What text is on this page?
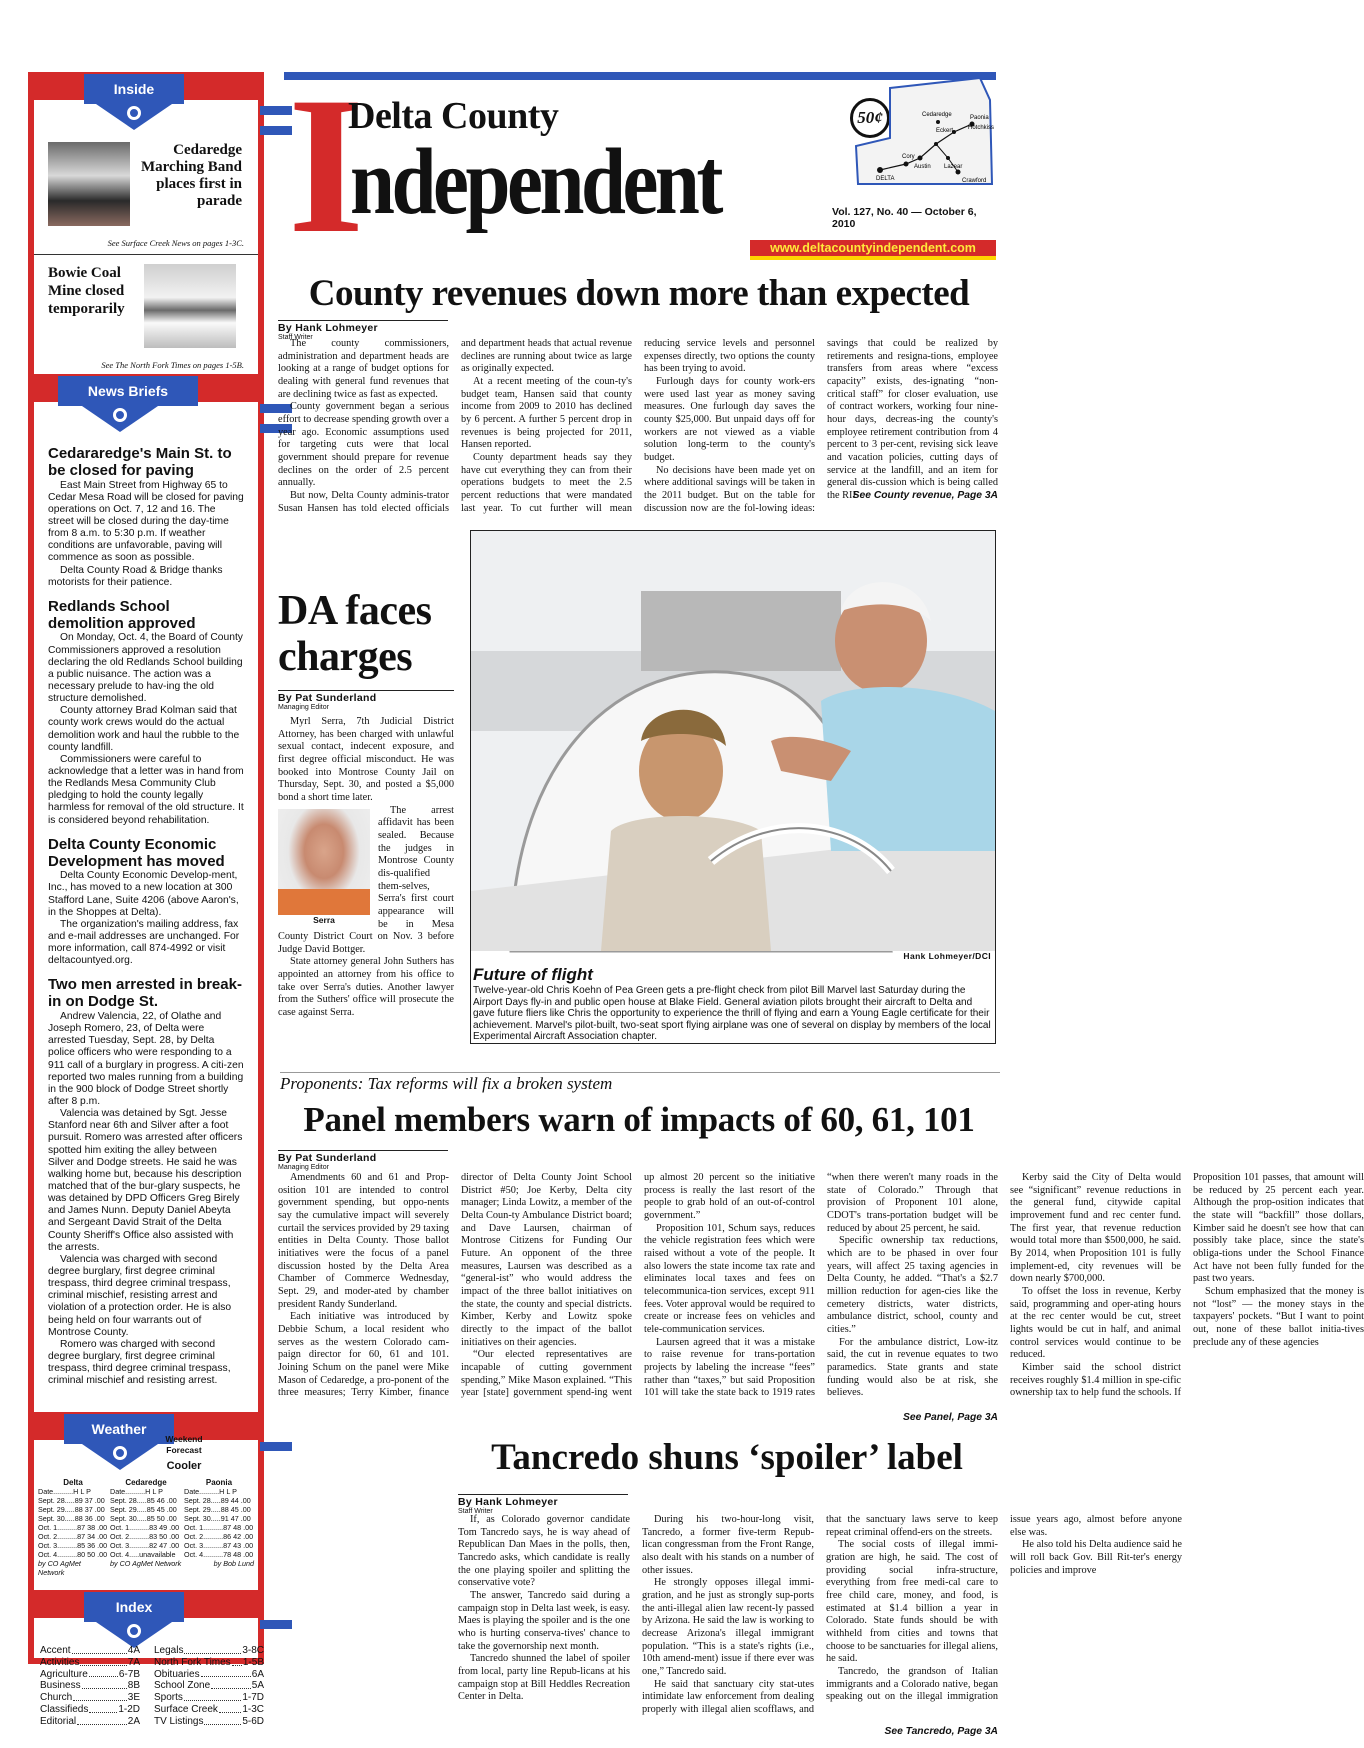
Inside
Cedaredge Marching Band places first in parade
See Surface Creek News on pages 1-3C.
Bowie Coal Mine closed temporarily
See The North Fork Times on pages 1-5B.
News Briefs
Cedararedge's Main St. to be closed for paving

East Main Street from Highway 65 to Cedar Mesa Road will be closed for paving operations on Oct. 7, 12 and 16. The street will be closed during the day-time from 8 a.m. to 5:30 p.m. If weather conditions are unfavorable, paving will commence as soon as possible.

Delta County Road & Bridge thanks motorists for their patience.

Redlands School demolition approved

On Monday, Oct. 4, the Board of County Commissioners approved a resolution declaring the old Redlands School building a public nuisance. The action was a necessary prelude to hav-ing the old structure demolished.

County attorney Brad Kolman said that county work crews would do the actual demolition work and haul the rubble to the county landfill.

Commissioners were careful to acknowledge that a letter was in hand from the Redlands Mesa Community Club pledging to hold the county legally harmless for removal of the old structure. It is considered beyond rehabilitation.

Delta County Economic Development has moved

Delta County Economic Develop-ment, Inc., has moved to a new location at 300 Stafford Lane, Suite 4206 (above Aaron's, in the Shoppes at Delta).

The organization's mailing address, fax and e-mail addresses are unchanged. For more information, call 874-4992 or visit deltacountyed.org.

Two men arrested in break-in on Dodge St.

Andrew Valencia, 22, of Olathe and Joseph Romero, 23, of Delta were arrested Tuesday, Sept. 28, by Delta police officers who were responding to a 911 call of a burglary in progress. A citi-zen reported two males running from a building in the 900 block of Dodge Street shortly after 8 p.m.

Valencia was detained by Sgt. Jesse Stanford near 6th and Silver after a foot pursuit. Romero was arrested after officers spotted him exiting the alley between Silver and Dodge streets. He said he was walking home but, because his description matched that of the bur-glary suspects, he was detained by DPD Officers Greg Birely and James Nunn. Deputy Daniel Abeyta and Sergeant David Strait of the Delta County Sheriff's Office also assisted with the arrests.

Valencia was charged with second degree burglary, first degree criminal trespass, third degree criminal trespass, criminal mischief, resisting arrest and violation of a protection order. He is also being held on four warrants out of Montrose County.

Romero was charged with second degree burglary, first degree criminal trespass, third degree criminal trespass, criminal mischief and resisting arrest.

Weather
Weekend Forecast
Cooler
Delta
Date..........H L P
Sept. 28.....89 37 .00
Sept. 29.....88 37 .00
Sept. 30.....88 36 .00
Oct. 1..........87 38 .00
Oct. 2..........87 34 .00
Oct. 3..........85 36 .00
Oct. 4..........80 50 .00
by CO AgMet Network
Cedaredge
Date..........H L P
Sept. 28.....85 46 .00
Sept. 29.....85 45 .00
Sept. 30.....85 50 .00
Oct. 1..........83 49 .00
Oct. 2..........83 50 .00
Oct. 3..........82 47 .00
Oct. 4.....unavailable
by CO AgMet Network
Paonia
Date..........H L P
Sept. 28.....89 44 .00
Sept. 29.....88 45 .00
Sept. 30.....91 47 .00
Oct. 1..........87 48 .00
Oct. 2..........86 42 .00
Oct. 3..........87 43 .00
Oct. 4..........78 48 .00
by Bob Lund
Index
Accent	4A
Activities	7A
Agriculture	6-7B
Business	8B
Church	3E
Classifieds	1-2D
Editorial	2A
Legals	3-8C
North Fork Times 1-5B
Obituaries	6A
School Zone	5A
Sports	1-7D
Surface Creek 1-3C
TV Listings	5-6D
I
Delta County
ndependent
50¢	Cedaredge
Eckert
Paonia
Hotchkiss
Cory
Austin
DELTA
Lazear
Crawford
Vol. 127, No. 40 — October 6, 2010
www.deltacountyindependent.com
County revenues down more than expected
By Hank Lohmeyer
Staff Writer

The county commissioners, administration and department heads are looking at a range of budget options for dealing with general fund revenues that are declining twice as fast as expected.

County government began a serious effort to decrease spending growth over a year ago. Economic assumptions used for targeting cuts were that local government should prepare for revenue declines on the order of 2.5 percent annually.

But now, Delta County adminis-trator Susan Hansen has told elected officials and department heads that actual revenue declines are running about twice as large as originally expected.

At a recent meeting of the coun-ty's budget team, Hansen said that county income from 2009 to 2010 has declined by 6 percent. A further 5 percent drop in revenues is being projected for 2011, Hansen reported.

County department heads say they have cut everything they can from their operations budgets to meet the 2.5 percent reductions that were mandated last year. To cut further will mean reducing service levels and personnel expenses directly, two options the county has been trying to avoid.

Furlough days for county work-ers were used last year as money saving measures. One furlough day saves the county $25,000. But unpaid days off for workers are not viewed as a viable solution long-term to the county's budget.

No decisions have been made yet on where additional savings will be taken in the 2011 budget. But on the table for discussion now are the fol-lowing ideas: savings that could be realized by retirements and resigna-tions, employee transfers from areas where “excess capacity” exists, des-ignating “non-critical staff” for closer evaluation, use of contract workers, working four nine-hour days, decreas-ing the county's employee retirement contribution from 4 percent to 3 per-cent, revising sick leave and vacation policies, cutting days of service at the landfill, and an item for general dis-cussion which is being called the RIF

See County revenue, Page 3A
DA faces charges
By Pat Sunderland
Managing Editor

Myrl Serra, 7th Judicial District Attorney, has been charged with unlawful sexual contact, indecent exposure, and first degree official misconduct. He was booked into Montrose County Jail on Thursday, Sept. 30, and posted a $5,000 bond a short time later.

Serra

The arrest affidavit has been sealed. Because the judges in Montrose County dis-qualified them-selves, Serra's first court appearance will be in Mesa County District Court on Nov. 3 before Judge David Bottger.

State attorney general John Suthers has appointed an attorney from his office to take over Serra's duties. Another lawyer from the Suthers' office will prosecute the case against Serra.

Hank Lohmeyer/DCI
Future of flight
Twelve-year-old Chris Koehn of Pea Green gets a pre-flight check from pilot Bill Marvel last Saturday during the Airport Days fly-in and public open house at Blake Field. General aviation pilots brought their aircraft to Delta and gave future fliers like Chris the opportunity to experience the thrill of flying and earn a Young Eagle certificate for their achievement. Marvel's pilot-built, two-seat sport flying airplane was one of several on display by members of the local Experimental Aircraft Association chapter.
Proponents: Tax reforms will fix a broken system
Panel members warn of impacts of 60, 61, 101
By Pat Sunderland
Managing Editor

Amendments 60 and 61 and Prop-osition 101 are intended to control government spending, but oppo-nents say the cumulative impact will severely curtail the services provided by 29 taxing entities in Delta County. Those ballot initiatives were the focus of a panel discussion hosted by the Delta Area Chamber of Commerce Wednesday, Sept. 29, and moder-ated by chamber president Randy Sunderland.

Each initiative was introduced by Debbie Schum, a local resident who serves as the western Colorado cam-paign director for 60, 61 and 101. Joining Schum on the panel were Mike Mason of Cedaredge, a pro-ponent of the three measures; Terry Kimber, finance director of Delta County Joint School District #50; Joe Kerby, Delta city manager; Linda Lowitz, a member of the Delta Coun-ty Ambulance District board; and Dave Laursen, chairman of Montrose Citizens for Funding Our Future. An opponent of the three measures, Laursen was described as a “general-ist” who would address the impact of the three ballot initiatives on the state, the county and special districts. Kimber, Kerby and Lowitz spoke directly to the impact of the ballot initiatives on their agencies.

“Our elected representatives are incapable of cutting government spending,” Mike Mason explained. “This year [state] government spend-ing went up almost 20 percent so the initiative process is really the last resort of the people to grab hold of an out-of-control government.”

Proposition 101, Schum says, reduces the vehicle registration fees which were raised without a vote of the people. It also lowers the state income tax rate and eliminates local taxes and fees on telecommunica-tion services, except 911 fees. Voter approval would be required to create or increase fees on vehicles and tele-communication services.

Laursen agreed that it was a mistake to raise revenue for trans-portation projects by labeling the increase “fees” rather than “taxes,” but said Proposition 101 will take the state back to 1919 rates “when there weren't many roads in the state of Colorado.” Through that provision of Proponent 101 alone, CDOT's trans-portation budget will be reduced by about 25 percent, he said.

Specific ownership tax reductions, which are to be phased in over four years, will affect 25 taxing agencies in Delta County, he added. “That's a $2.7 million reduction for agen-cies like the cemetery districts, water districts, ambulance district, school, county and cities.”

For the ambulance district, Low-itz said, the cut in revenue equates to two paramedics. State grants and state funding would also be at risk, she believes.

Kerby said the City of Delta would see “significant” revenue reductions in the general fund, citywide capital improvement fund and rec center fund. The first year, that revenue reduction would total more than $500,000, he said. By 2014, when Proposition 101 is fully implement-ed, city revenues will be down nearly $700,000.

To offset the loss in revenue, Kerby said, programming and oper-ating hours at the rec center would be cut, street lights would be cut in half, and animal control services would continue to be reduced.

Kimber said the school district receives roughly $1.4 million in spe-cific ownership tax to help fund the schools. If Proposition 101 passes, that amount will be reduced by 25 percent each year. Although the prop-osition indicates that the state will “backfill” those dollars, Kimber said he doesn't see how that can possibly take place, since the state's obliga-tions under the School Finance Act have not been fully funded for the past two years.

Schum emphasized that the money is not “lost” — the money stays in the taxpayers' pockets. “But I want to point out, none of these ballot initia-tives preclude any of these agencies

See Panel, Page 3A
Tancredo shuns ‘spoiler’ label
By Hank Lohmeyer
Staff Writer

If, as Colorado governor candidate Tom Tancredo says, he is way ahead of Republican Dan Maes in the polls, then, Tancredo asks, which candidate is really the one playing spoiler and splitting the conservative vote?

The answer, Tancredo said during a campaign stop in Delta last week, is easy. Maes is playing the spoiler and is the one who is hurting conserva-tives' chance to take the governorship next month.

Tancredo shunned the label of spoiler from local, party line Repub-licans at his campaign stop at Bill Heddles Recreation Center in Delta.

During his two-hour-long visit, Tancredo, a former five-term Repub-lican congressman from the Front Range, also dealt with his stands on a number of other issues.

He strongly opposes illegal immi-gration, and he just as strongly sup-ports the anti-illegal alien law recent-ly passed by Arizona. He said the law is working to decrease Arizona's illegal immigrant population. “This is a state's rights (i.e., 10th amend-ment) issue if there ever was one,” Tancredo said.

He said that sanctuary city stat-utes intimidate law enforcement from dealing properly with illegal alien scofflaws, and that the sanctuary laws serve to keep repeat criminal offend-ers on the streets.

The social costs of illegal immi-gration are high, he said. The cost of providing social infra-structure, everything from free medi-cal care to free child care, money, and food, is estimated at $1.4 billion a year in Colorado. State funds should be with withheld from cities and towns that choose to be sanctuaries for illegal aliens, he said.

Tancredo, the grandson of Italian immigrants and a Colorado native, began speaking out on the illegal immigration issue years ago, almost before anyone else was.

He also told his Delta audience said he will roll back Gov. Bill Rit-ter's energy policies and improve

See Tancredo, Page 3A
